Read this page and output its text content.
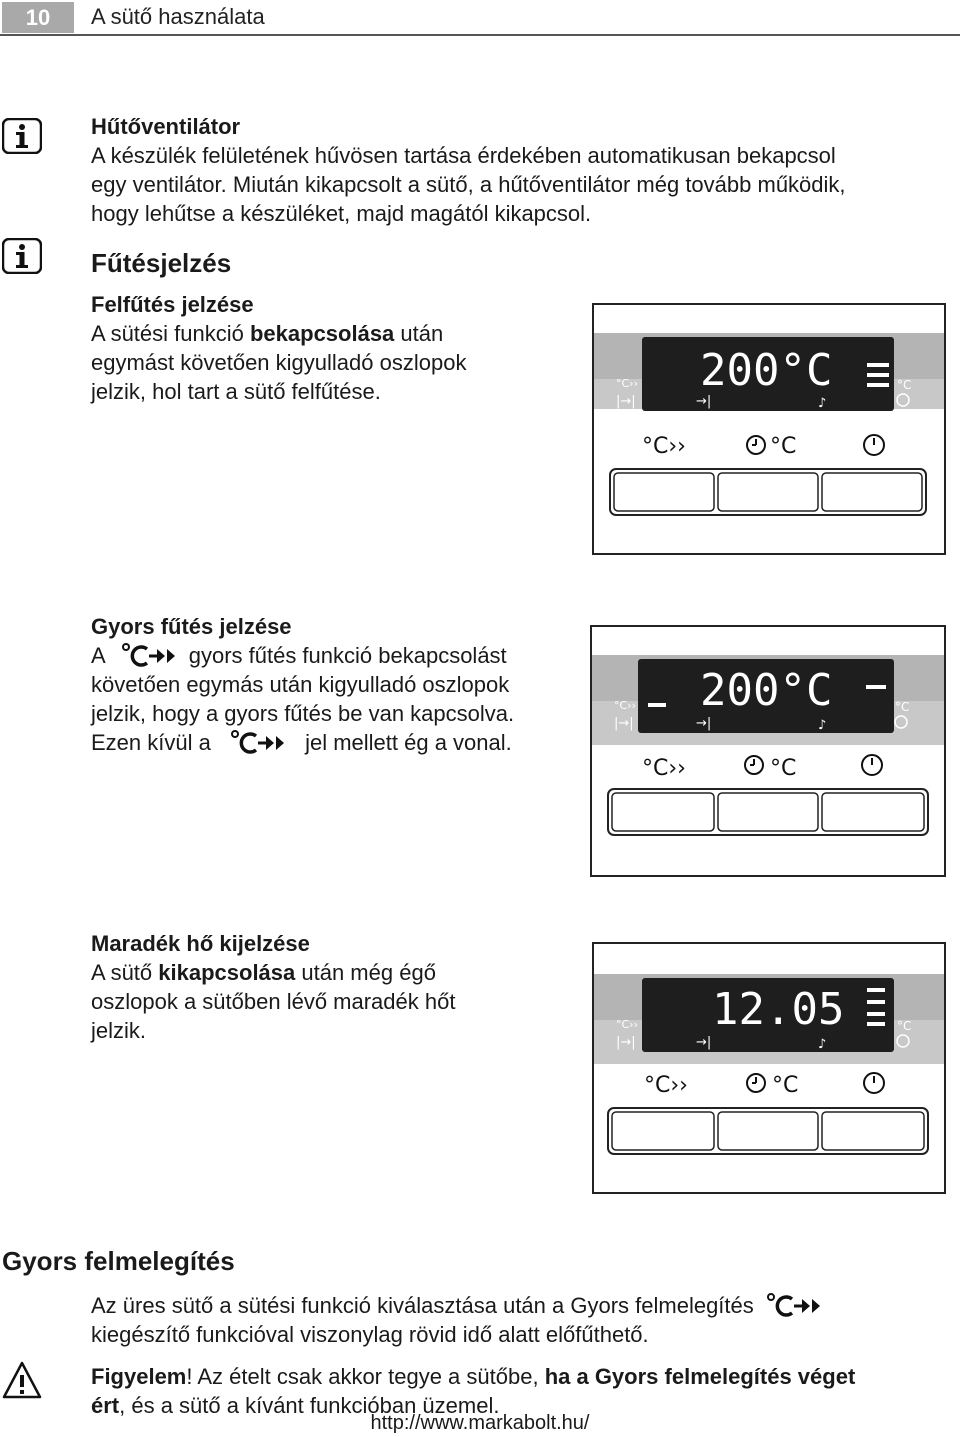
10	A sütő használata
Hűtőventilátor
A készülék felületének hűvösen tartása érdekében automatikusan bekapcsol
egy ventilátor. Miután kikapcsolt a sütő, a hűtőventilátor még tovább működik,
hogy lehűtse a készüléket, majd magától kikapcsol.
Fűtésjelzés
Felfűtés jelzése
A sütési funkció bekapcsolása után
egymást követően kigyulladó oszlopok
jelzik, hol tart a sütő felfűtése.
Gyors fűtés jelzése
A	gyors fűtés funkció bekapcsolást
követően egymás után kigyulladó oszlopok
jelzik, hogy a gyors fűtés be van kapcsolva.
Ezen kívül a	jel mellett ég a vonal.
Maradék hő kijelzése
A sütő kikapcsolása után még égő
oszlopok a sütőben lévő maradék hőt
jelzik.
200°C
°C››
|→|	→|	♪
°C
°C››	°C
200°C
°C››
|→|	→|	♪
°C
°C››	°C
12.05
°C››
|→|	→|	♪
°C
°C››	°C
Gyors felmelegítés
Az üres sütő a sütési funkció kiválasztása után a Gyors felmelegítés
kiegészítő funkcióval viszonylag rövid idő alatt előfűthető.
Figyelem! Az ételt csak akkor tegye a sütőbe, ha a Gyors felmelegítés véget
ért, és a sütő a kívánt funkcióban üzemel.
http://www.markabolt.hu/
